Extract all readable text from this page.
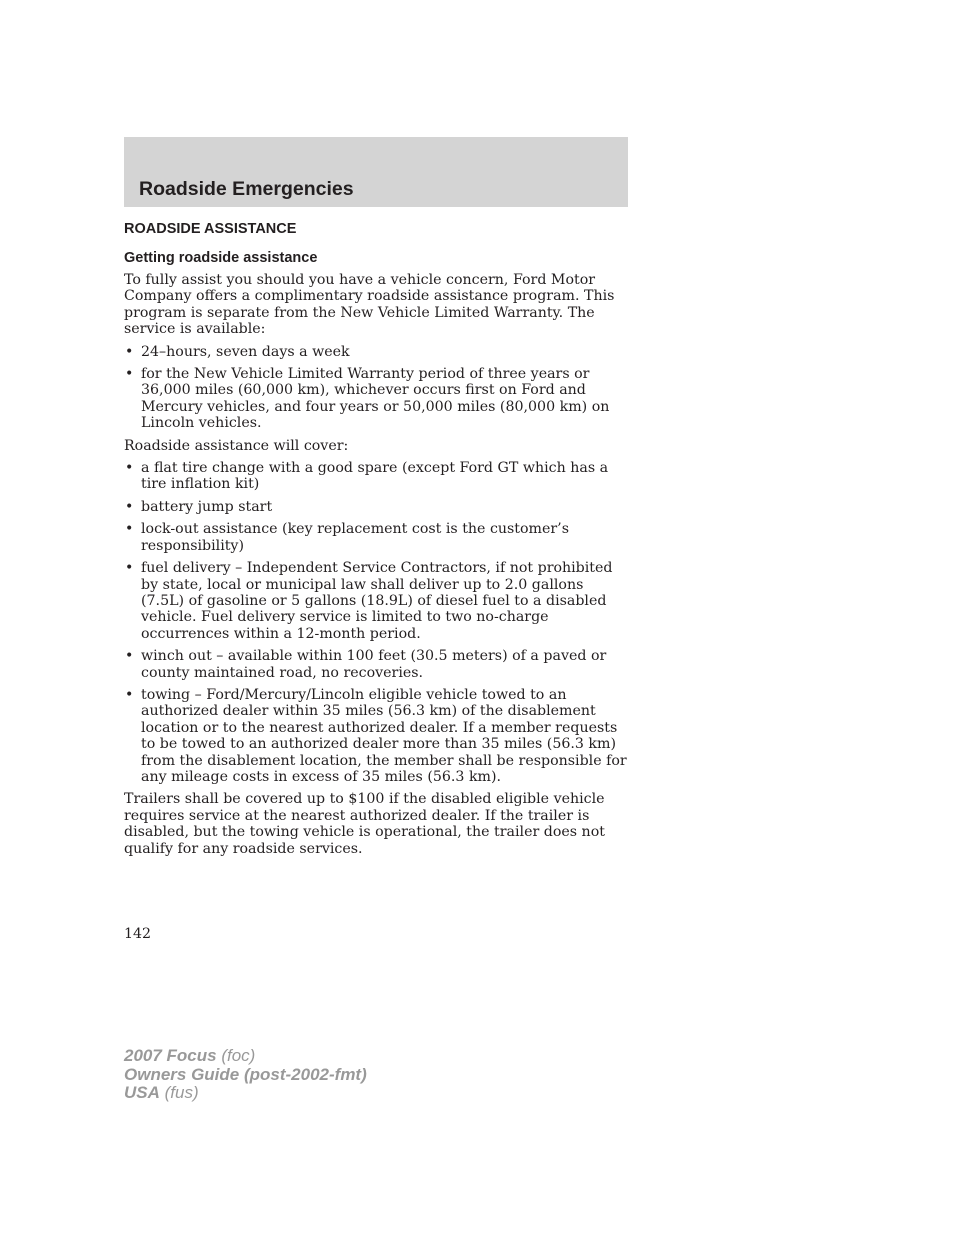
Roadside Emergencies
ROADSIDE ASSISTANCE
Getting roadside assistance

To fully assist you should you have a vehicle concern, Ford Motor Company offers a complimentary roadside assistance program. This program is separate from the New Vehicle Limited Warranty. The service is available:

• 24–hours, seven days a week
• for the New Vehicle Limited Warranty period of three years or 36,000 miles (60,000 km), whichever occurs first on Ford and Mercury vehicles, and four years or 50,000 miles (80,000 km) on Lincoln vehicles.

Roadside assistance will cover:

• a flat tire change with a good spare (except Ford GT which has a tire inflation kit)
• battery jump start
• lock-out assistance (key replacement cost is the customer’s responsibility)
• fuel delivery – Independent Service Contractors, if not prohibited by state, local or municipal law shall deliver up to 2.0 gallons (7.5L) of gasoline or 5 gallons (18.9L) of diesel fuel to a disabled vehicle. Fuel delivery service is limited to two no-charge occurrences within a 12-month period.
• winch out – available within 100 feet (30.5 meters) of a paved or county maintained road, no recoveries.
• towing – Ford/Mercury/Lincoln eligible vehicle towed to an authorized dealer within 35 miles (56.3 km) of the disablement location or to the nearest authorized dealer. If a member requests to be towed to an authorized dealer more than 35 miles (56.3 km) from the disablement location, the member shall be responsible for any mileage costs in excess of 35 miles (56.3 km).

Trailers shall be covered up to $100 if the disabled eligible vehicle requires service at the nearest authorized dealer. If the trailer is disabled, but the towing vehicle is operational, the trailer does not qualify for any roadside services.

142
2007 Focus (foc)
Owners Guide (post-2002-fmt)
USA (fus)
